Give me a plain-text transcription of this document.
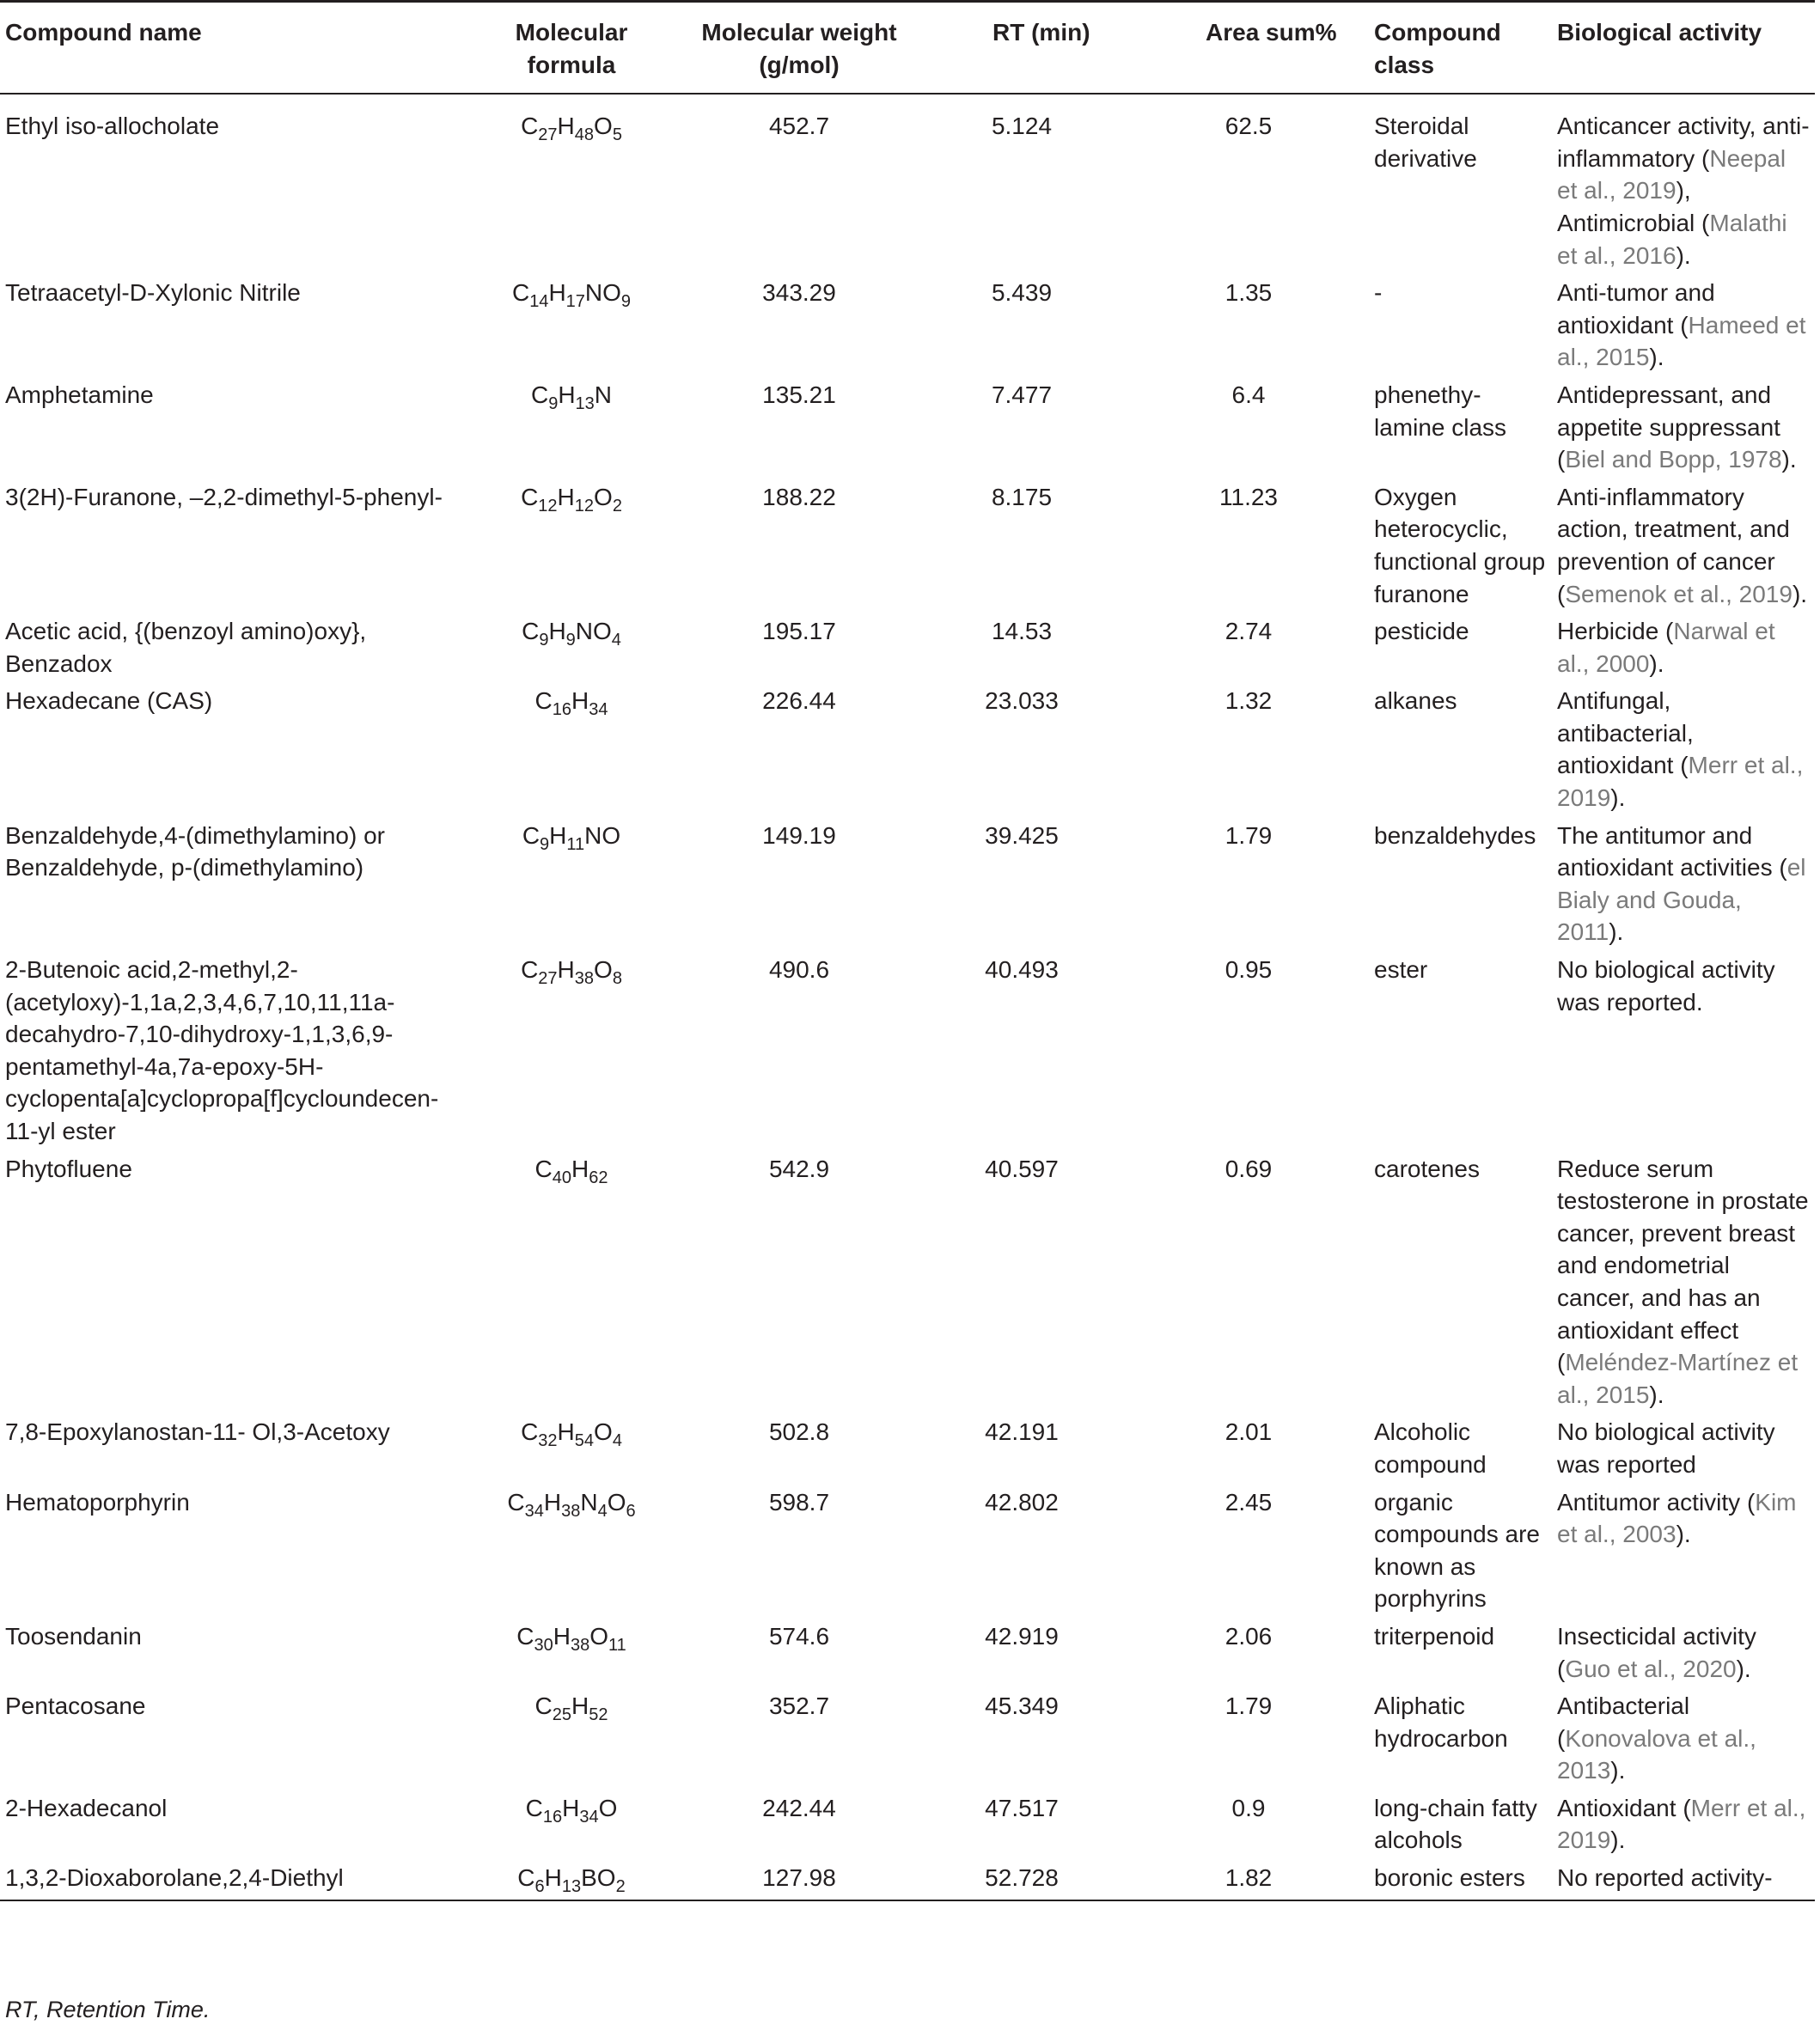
Compound name	Molecular formula	Molecular weight (g/mol)	RT (min)	Area sum%	Compound class	Biological activity
Ethyl iso-allocholate	$C_{27}H_{48}O_5$	452.7	5.124	62.5	Steroidal derivative	Anticancer activity, anti-inflammatory (Neepal et al., 2019), Antimicrobial (Malathi et al., 2016).
Tetraacetyl-D-Xylonic Nitrile	$C_{14}H_{17}NO_9$	343.29	5.439	1.35	-	Anti-tumor and antioxidant (Hameed et al., 2015).
Amphetamine	$C_9H_{13}N$	135.21	7.477	6.4	phenethy-lamine class	Antidepressant, and appetite suppressant (Biel and Bopp, 1978).
3(2H)-Furanone, –2,2-dimethyl-5-phenyl-	$C_{12}H_{12}O_2$	188.22	8.175	11.23	Oxygen heterocyclic, functional group furanone	Anti-inflammatory action, treatment, and prevention of cancer (Semenok et al., 2019).
Acetic acid, {(benzoyl amino)oxy}, Benzadox	$C_9H_9NO_4$	195.17	14.53	2.74	pesticide	Herbicide (Narwal et al., 2000).
Hexadecane (CAS)	$C_{16}H_{34}$	226.44	23.033	1.32	alkanes	Antifungal, antibacterial, antioxidant (Merr et al., 2019).
Benzaldehyde,4-(dimethylamino) or Benzaldehyde, p-(dimethylamino)	$C_9H_{11}NO$	149.19	39.425	1.79	benzaldehydes	The antitumor and antioxidant activities (el Bialy and Gouda, 2011).
2-Butenoic acid,2-methyl,2-(acetyloxy)-1,1a,2,3,4,6,7,10,11,11a-decahydro-7,10-dihydroxy-1,1,3,6,9-pentamethyl-4a,7a-epoxy-5H-cyclopenta[a]cyclopropa[f]cycloundecen-11-yl ester	$C_{27}H_{38}O_8$	490.6	40.493	0.95	ester	No biological activity was reported.
Phytofluene	$C_{40}H_{62}$	542.9	40.597	0.69	carotenes	Reduce serum testosterone in prostate cancer, prevent breast and endometrial cancer, and has an antioxidant effect (Meléndez-Martínez et al., 2015).
7,8-Epoxylanostan-11- Ol,3-Acetoxy	$C_{32}H_{54}O_4$	502.8	42.191	2.01	Alcoholic compound	No biological activity was reported
Hematoporphyrin	$C_{34}H_{38}N_4O_6$	598.7	42.802	2.45	organic compounds are known as porphyrins	Antitumor activity (Kim et al., 2003).
Toosendanin	$C_{30}H_{38}O_{11}$	574.6	42.919	2.06	triterpenoid	Insecticidal activity (Guo et al., 2020).
Pentacosane	$C_{25}H_{52}$	352.7	45.349	1.79	Aliphatic hydrocarbon	Antibacterial (Konovalova et al., 2013).
2-Hexadecanol	$C_{16}H_{34}O$	242.44	47.517	0.9	long-chain fatty alcohols	Antioxidant (Merr et al., 2019).
1,3,2-Dioxaborolane,2,4-Diethyl	$C_6H_{13}BO_2$	127.98	52.728	1.82	boronic esters	No reported activity-
RT, Retention Time.
